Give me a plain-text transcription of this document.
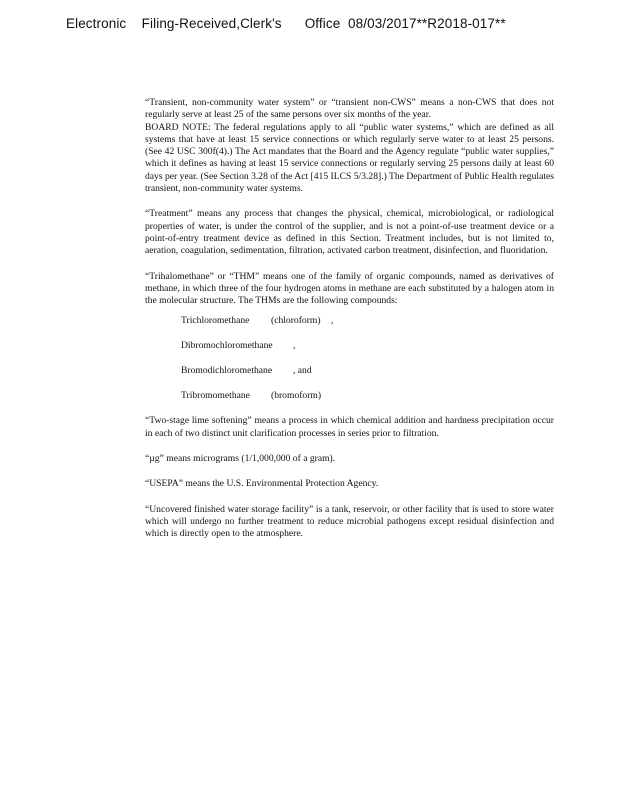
Electronic    Filing-Received,Clerk's      Office  08/03/2017**R2018-017**

“Transient, non-community water system” or “transient non-CWS” means a non-CWS that does not regularly serve at least 25 of the same persons over six months of the year.

BOARD NOTE: The federal regulations apply to all “public water systems,” which are defined as all systems that have at least 15 service connections or which regularly serve water to at least 25 persons. (See 42 USC 300f(4).) The Act mandates that the Board and the Agency regulate “public water supplies,” which it defines as having at least 15 service connections or regularly serving 25 persons daily at least 60 days per year. (See Section 3.28 of the Act [415 ILCS 5/3.28].) The Department of Public Health regulates transient, non-community water systems.

“Treatment” means any process that changes the physical, chemical, microbiological, or radiological properties of water, is under the control of the supplier, and is not a point-of-use treatment device or a point-of-entry treatment device as defined in this Section. Treatment includes, but is not limited to, aeration, coagulation, sedimentation, filtration, activated carbon treatment, disinfection, and fluoridation.

“Trihalomethane” or “THM” means one of the family of organic compounds, named as derivatives of methane, in which three of the four hydrogen atoms in methane are each substituted by a halogen atom in the molecular structure. The THMs are the following compounds:

Trichloromethane	(chloroform)	,
Dibromochloromethane	,
Bromodichloromethane	, and
Tribromomethane	(bromoform)

“Two-stage lime softening” means a process in which chemical addition and hardness precipitation occur in each of two distinct unit clarification processes in series prior to filtration.

“µg” means micrograms (1/1,000,000 of a gram).

“USEPA” means the U.S. Environmental Protection Agency.

“Uncovered finished water storage facility” is a tank, reservoir, or other facility that is used to store water which will undergo no further treatment to reduce microbial pathogens except residual disinfection and which is directly open to the atmosphere.
